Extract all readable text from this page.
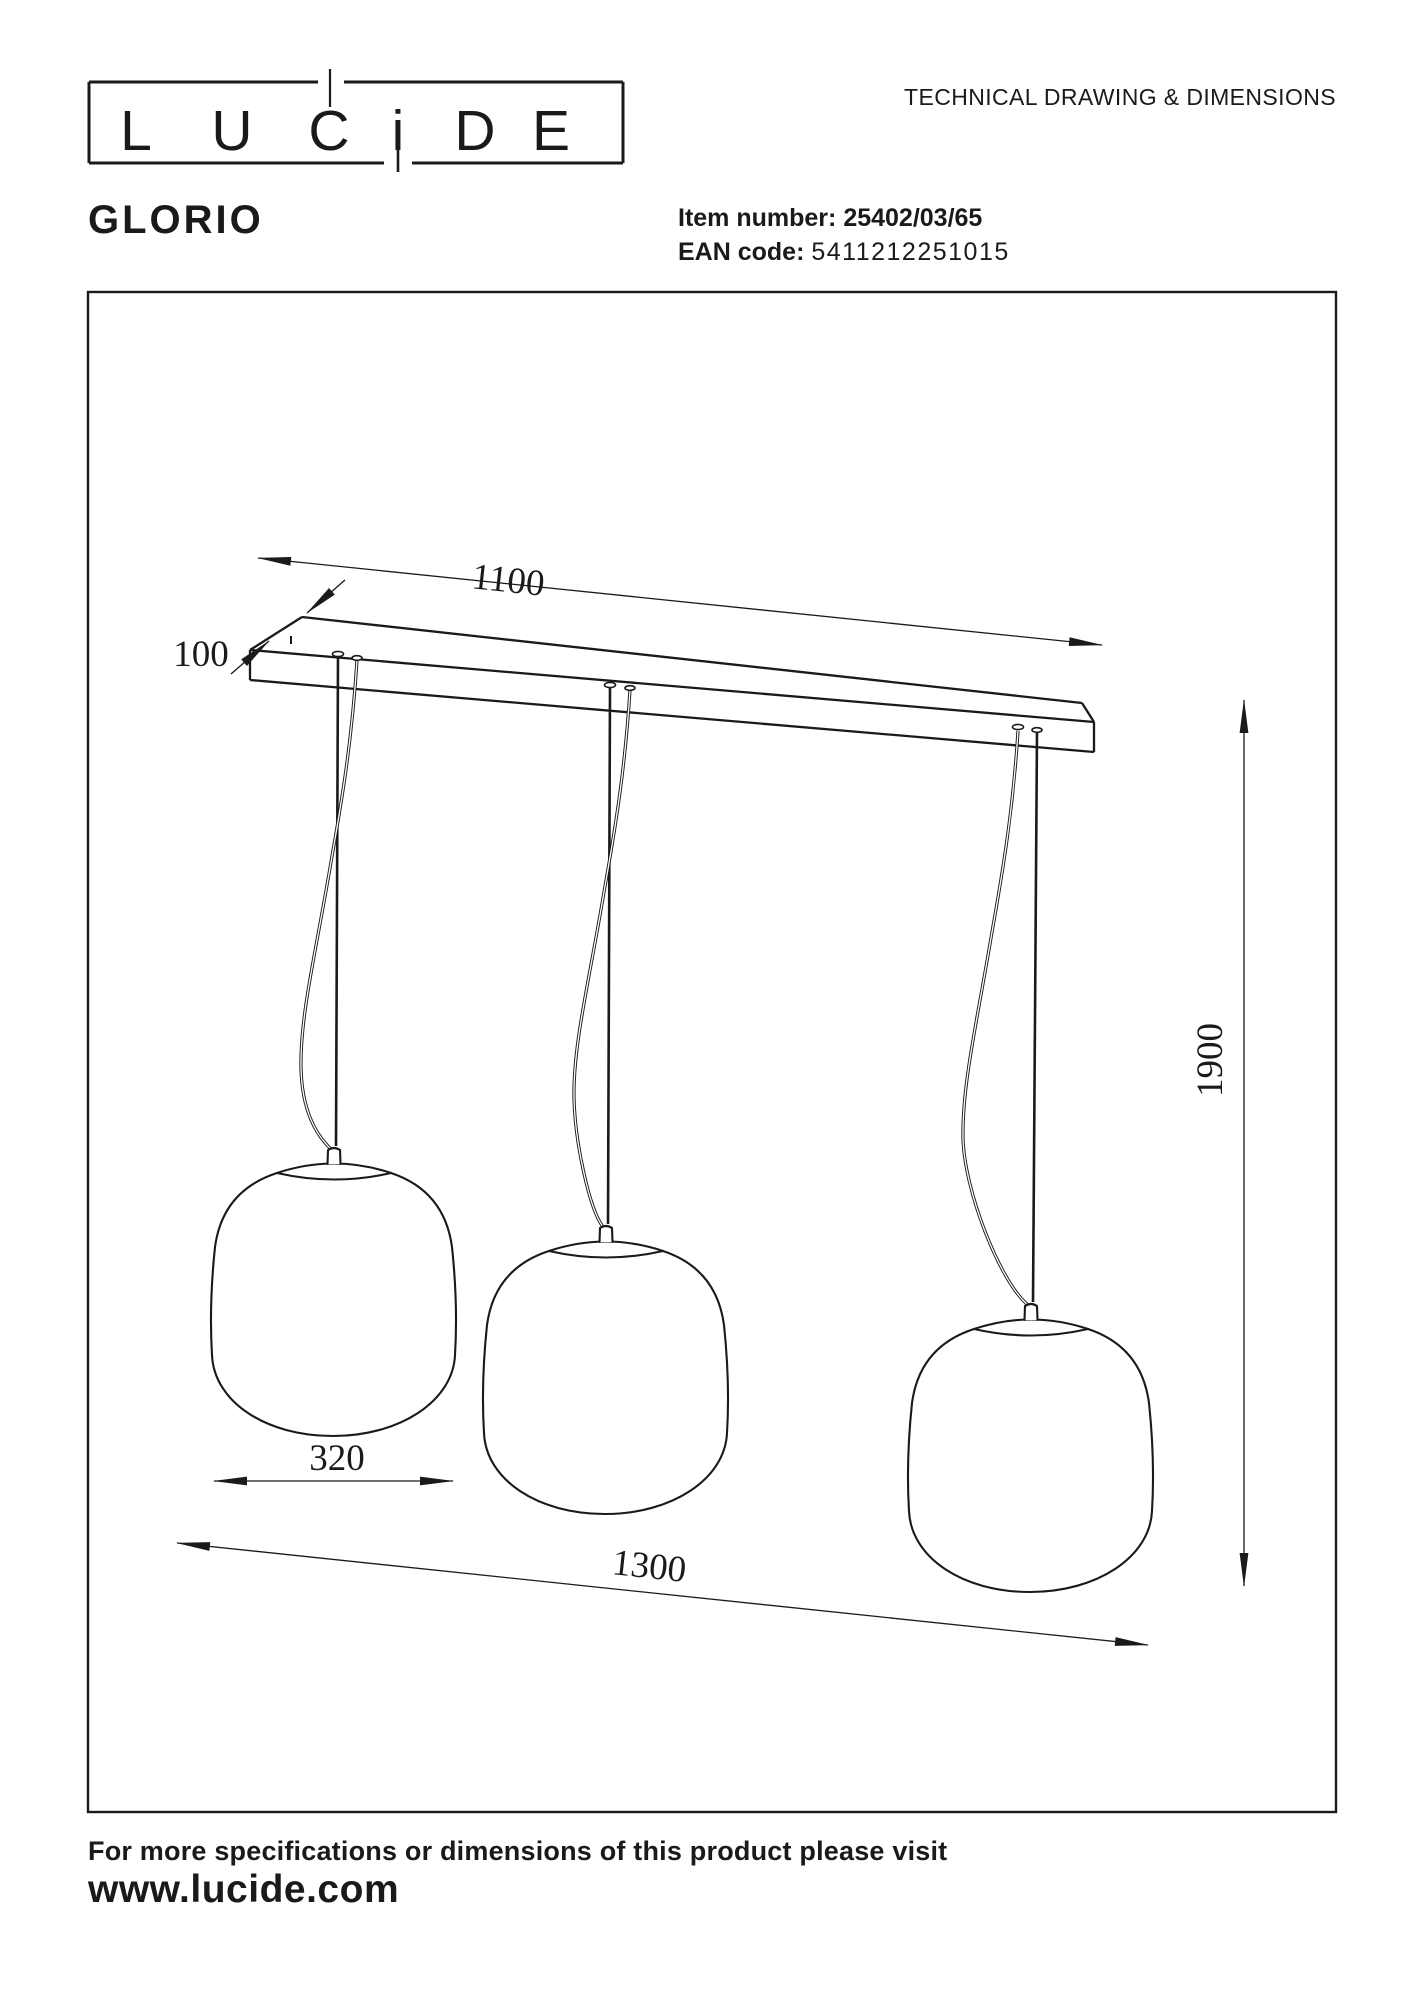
TECHNICAL DRAWING & DIMENSIONS
GLORIO	Item number: 25402/03/65
EAN code: 5411212251015
For more specifications or dimensions of this product please visit
www.lucide.com
L U C i D E
1100
100
1900
320
1300
